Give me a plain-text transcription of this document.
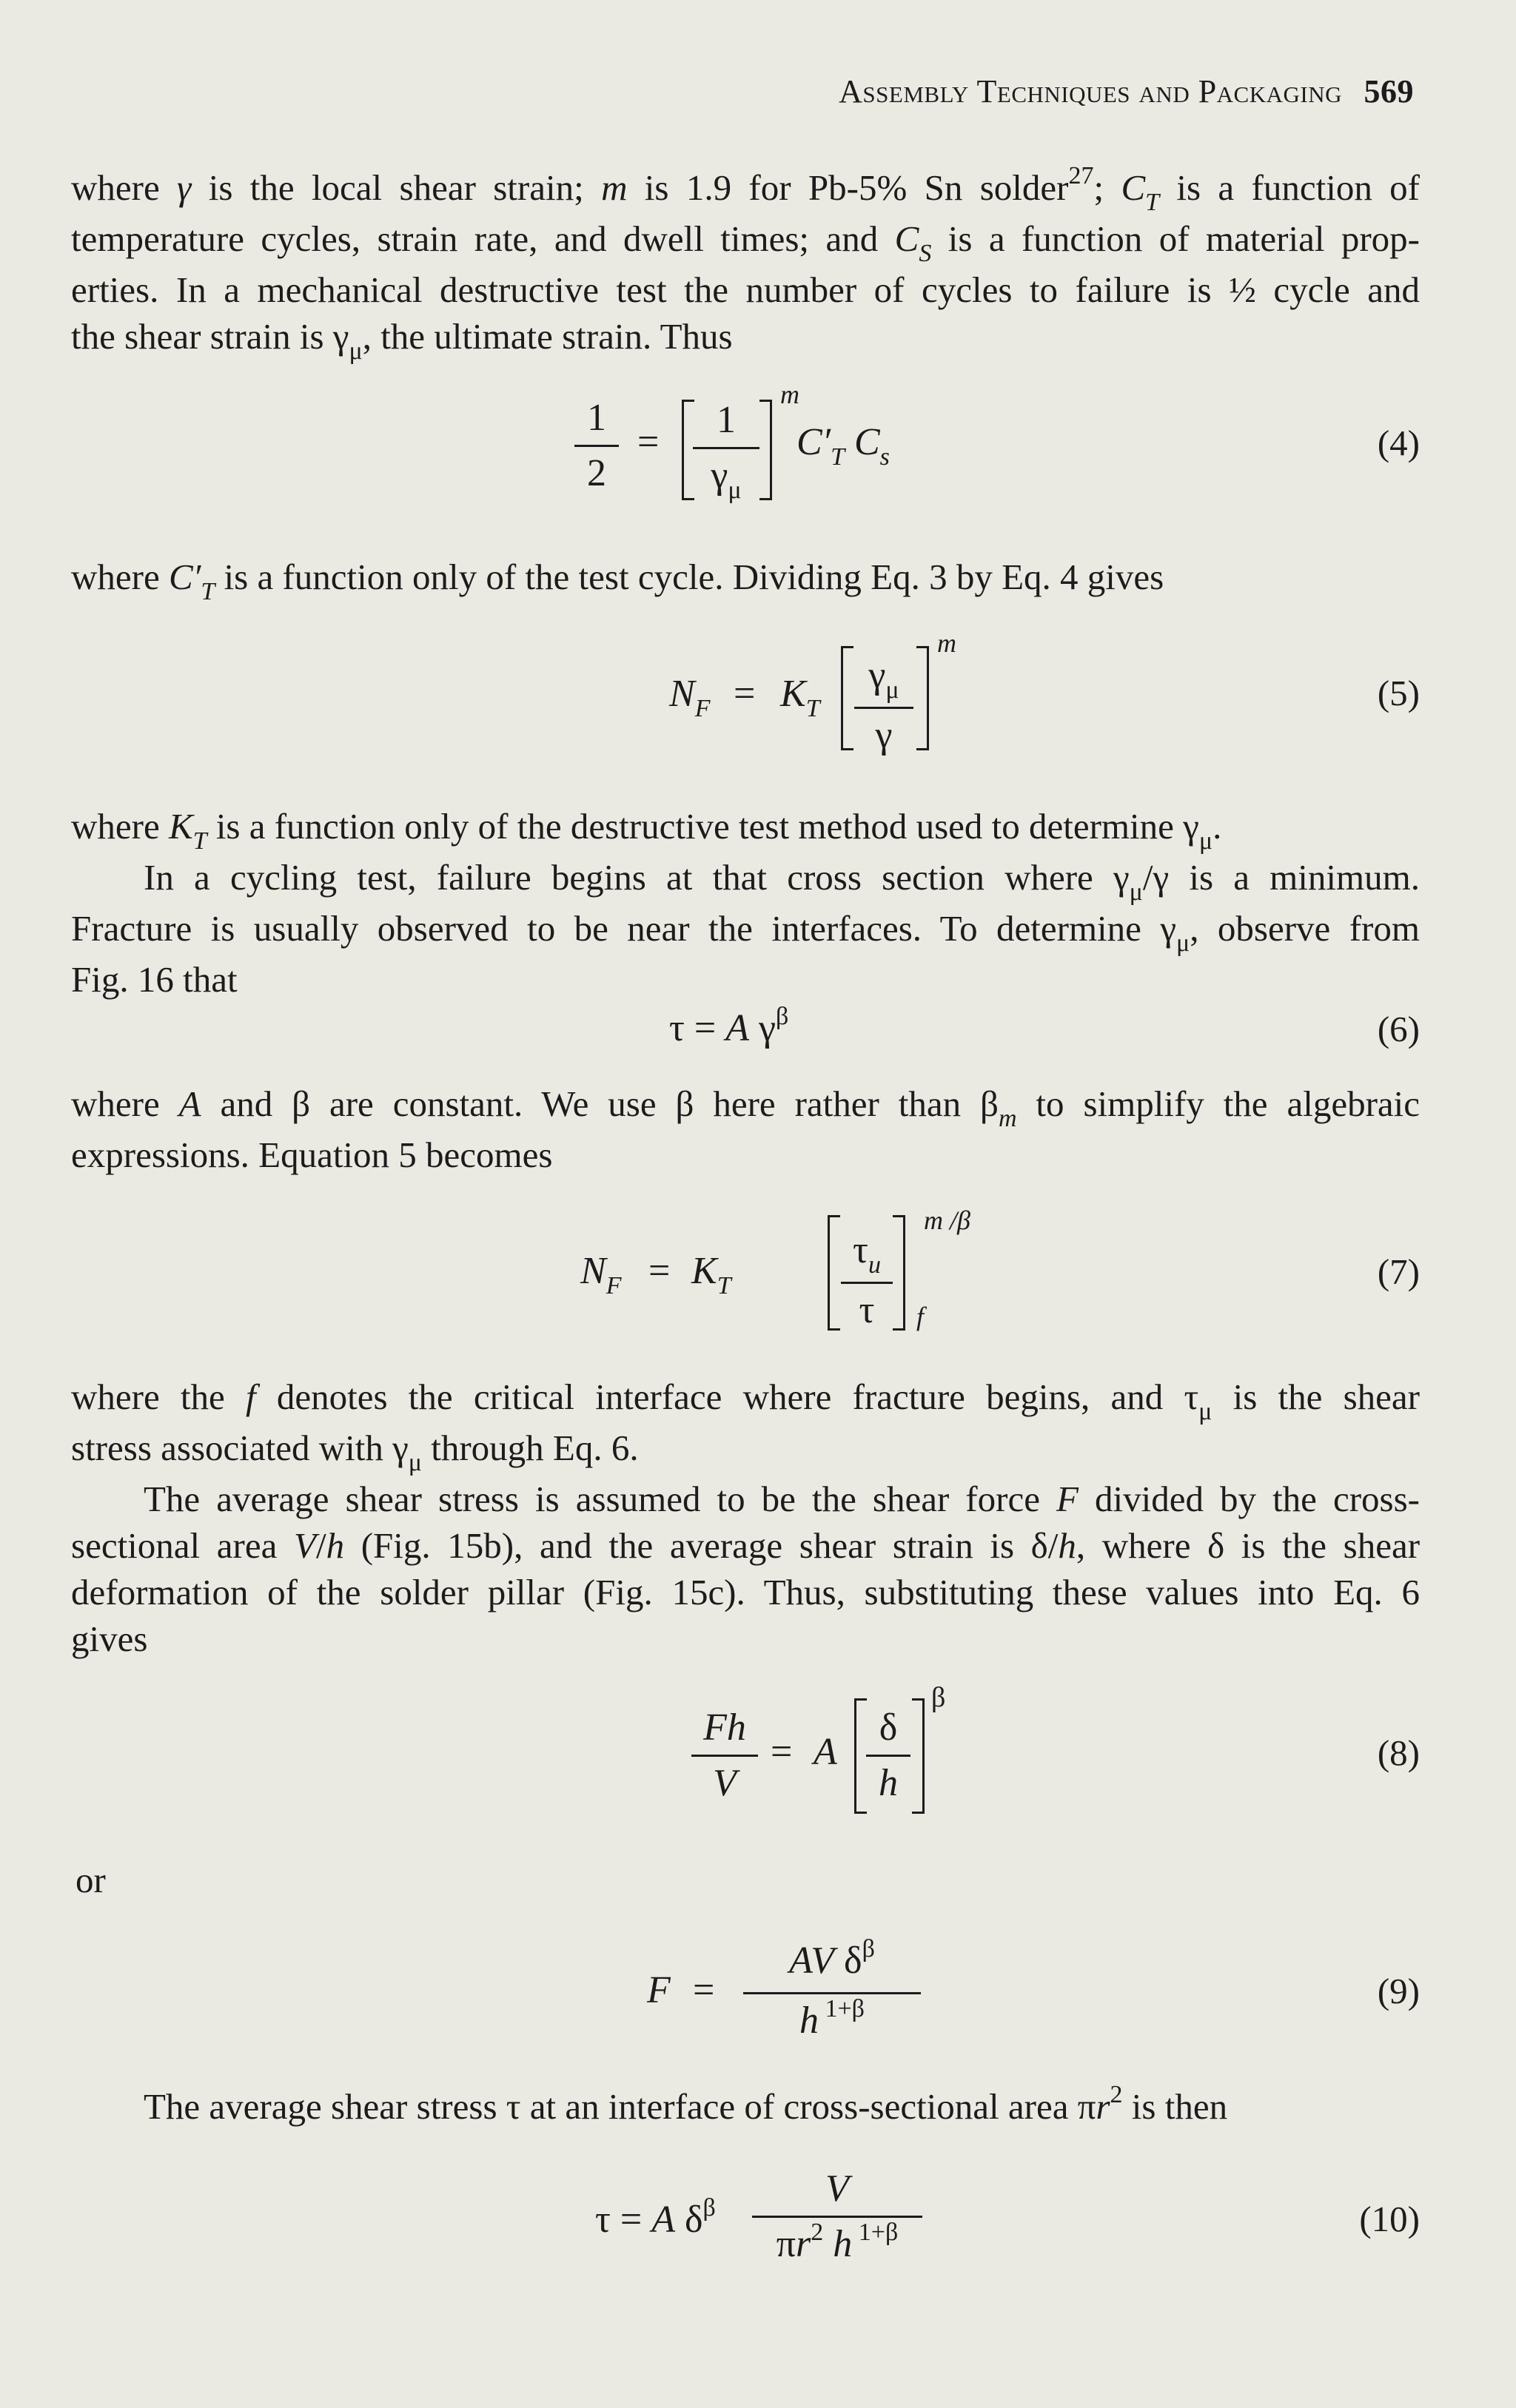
Assembly Techniques and Packaging 569
where γ is the local shear strain; m is 1.9 for Pb-5% Sn solder$^{27}$; $C_T$ is a function of
temperature cycles, strain rate, and dwell times; and $C_S$ is a function of material prop-
erties. In a mechanical destructive test the number of cycles to failure is ½ cycle and
the shear strain is $\gamma_\mu$, the ultimate strain. Thus
1
2
=
1
$\gamma_\mu$
m
$C'_T$ $C_s$	(4)
where $C'_T$ is a function only of the test cycle. Dividing Eq. 3 by Eq. 4 gives
$N_F = K_T$
$\gamma_\mu$
γ
m
(5)
where $K_T$ is a function only of the destructive test method used to determine $\gamma_\mu$.
In a cycling test, failure begins at that cross section where $\gamma_\mu/\gamma$ is a minimum.
Fracture is usually observed to be near the interfaces. To determine $\gamma_\mu$, observe from
Fig. 16 that
τ = A $\gamma^\beta$	(6)
where A and β are constant. We use β here rather than $\beta_m$ to simplify the algebraic
expressions. Equation 5 becomes
$N_F = K_T$
$\tau_u$
τ
m /β
f
(7)
where the f denotes the critical interface where fracture begins, and $\tau_\mu$ is the shear
stress associated with $\gamma_\mu$ through Eq. 6.
The average shear stress is assumed to be the shear force F divided by the cross-
sectional area V/h (Fig. 15b), and the average shear strain is δ/h, where δ is the shear
deformation of the solder pillar (Fig. 15c). Thus, substituting these values into Eq. 6
gives
Fh
V
= A
δ
h
β
(8)
or
F =
AV $\delta^\beta$
h $^{1+\beta}$	(9)
The average shear stress τ at an interface of cross-sectional area $\pi r^2$ is then
τ = A $\delta^\beta$	V
$\pi r^2$ h $^{1+\beta}$	(10)
